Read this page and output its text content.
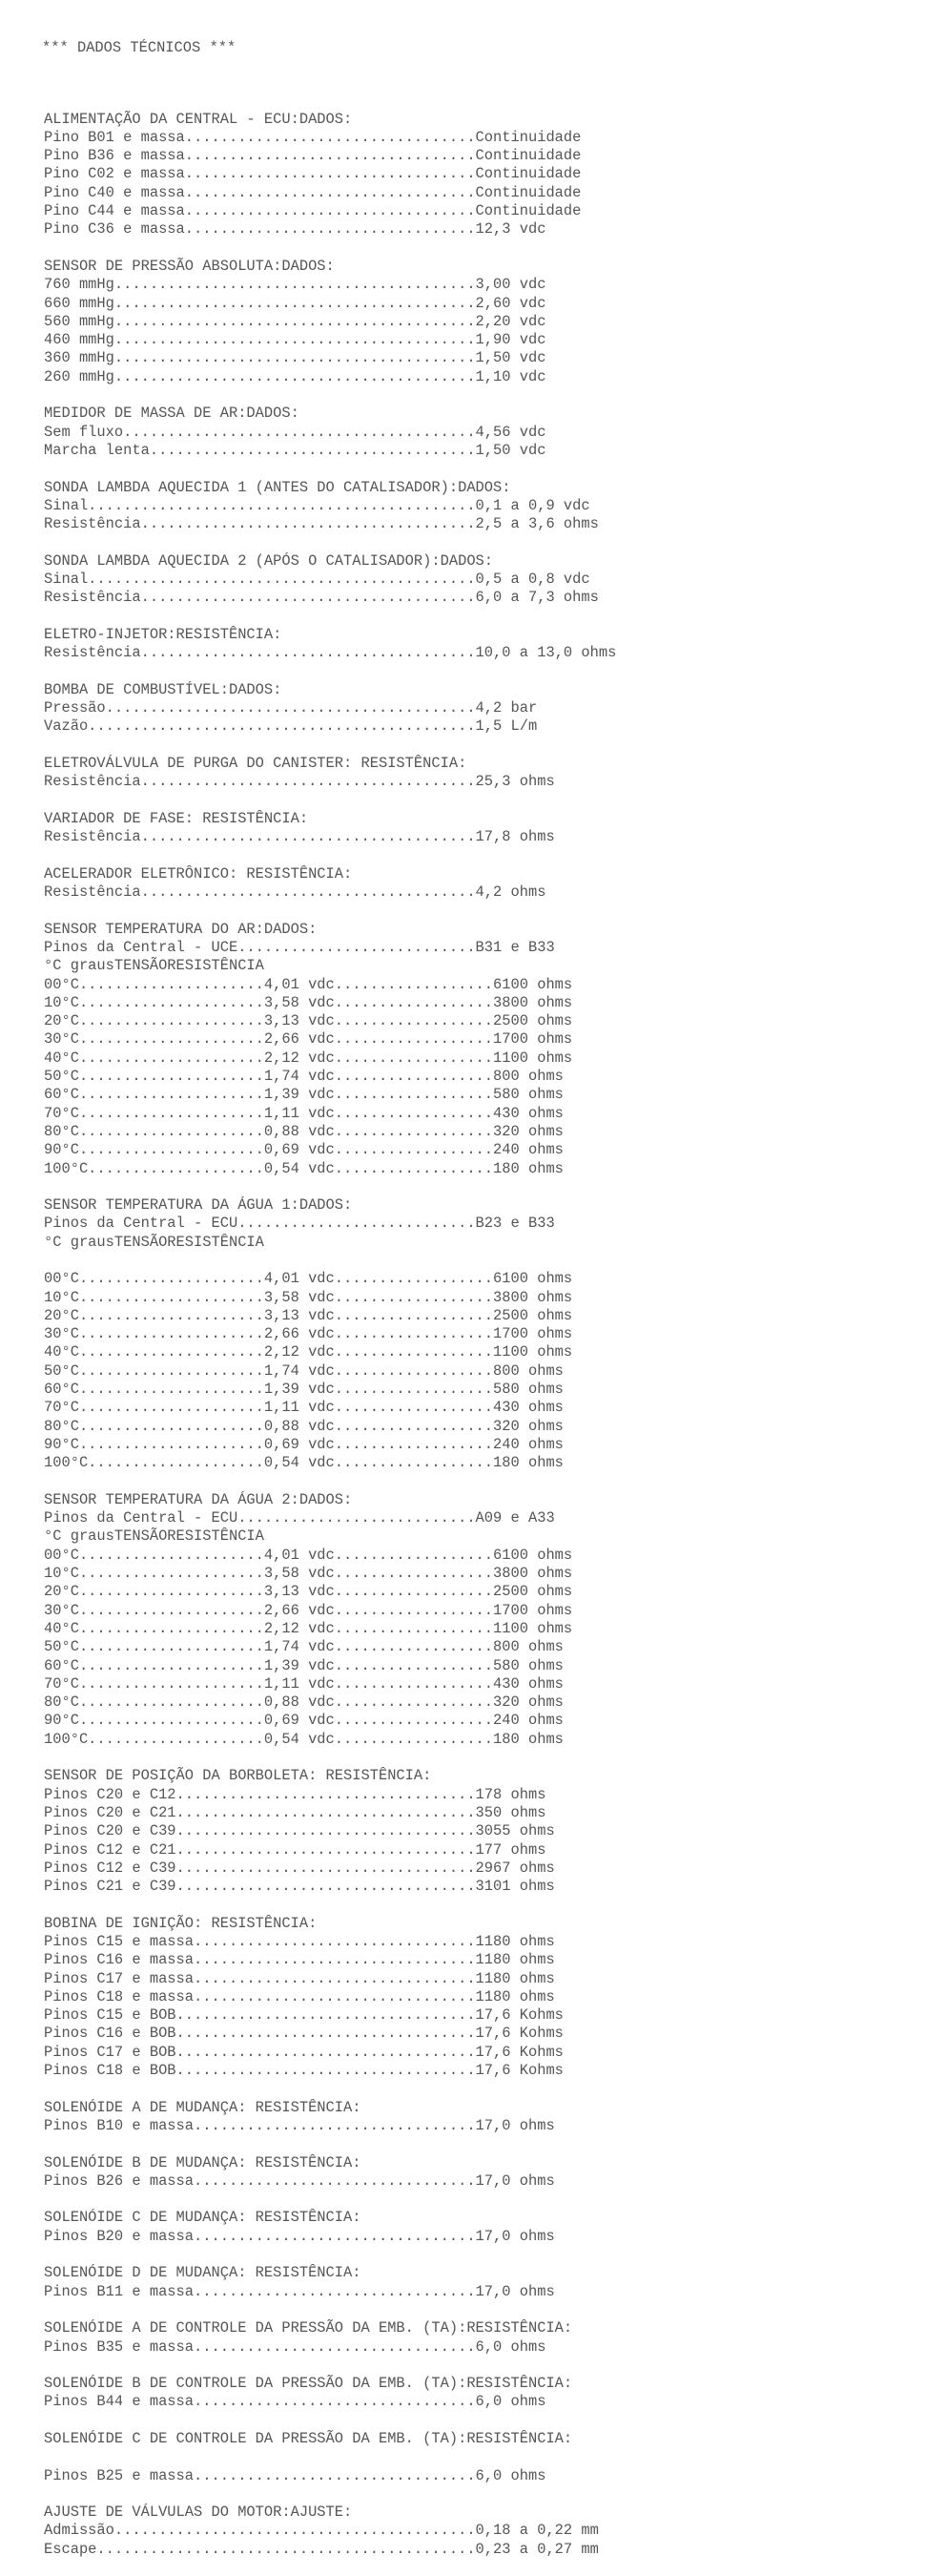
*** DADOS TÉCNICOS ***

ALIMENTAÇÃO DA CENTRAL - ECU:DADOS:
Pino B01 e massa.................................Continuidade
Pino B36 e massa.................................Continuidade
Pino C02 e massa.................................Continuidade
Pino C40 e massa.................................Continuidade
Pino C44 e massa.................................Continuidade
Pino C36 e massa.................................12,3 vdc
SENSOR DE PRESSÃO ABSOLUTA:DADOS:
760 mmHg.........................................3,00 vdc
660 mmHg.........................................2,60 vdc
560 mmHg.........................................2,20 vdc
460 mmHg.........................................1,90 vdc
360 mmHg.........................................1,50 vdc
260 mmHg.........................................1,10 vdc
MEDIDOR DE MASSA DE AR:DADOS:
Sem fluxo........................................4,56 vdc
Marcha lenta.....................................1,50 vdc
SONDA LAMBDA AQUECIDA 1 (ANTES DO CATALISADOR):DADOS:
Sinal............................................0,1 a 0,9 vdc
Resistência......................................2,5 a 3,6 ohms
SONDA LAMBDA AQUECIDA 2 (APÓS O CATALISADOR):DADOS:
Sinal............................................0,5 a 0,8 vdc
Resistência......................................6,0 a 7,3 ohms
ELETRO-INJETOR:RESISTÊNCIA:
Resistência......................................10,0 a 13,0 ohms
BOMBA DE COMBUSTÍVEL:DADOS:
Pressão..........................................4,2 bar
Vazão............................................1,5 L/m
ELETROVÁLVULA DE PURGA DO CANISTER: RESISTÊNCIA:
Resistência......................................25,3 ohms
VARIADOR DE FASE: RESISTÊNCIA:
Resistência......................................17,8 ohms
ACELERADOR ELETRÔNICO: RESISTÊNCIA:
Resistência......................................4,2 ohms
SENSOR TEMPERATURA DO AR:DADOS:
Pinos da Central - UCE...........................B31 e B33
°C grausTENSÃORESISTÊNCIA
00°C.....................4,01 vdc..................6100 ohms
10°C.....................3,58 vdc..................3800 ohms
20°C.....................3,13 vdc..................2500 ohms
30°C.....................2,66 vdc..................1700 ohms
40°C.....................2,12 vdc..................1100 ohms
50°C.....................1,74 vdc..................800 ohms
60°C.....................1,39 vdc..................580 ohms
70°C.....................1,11 vdc..................430 ohms
80°C.....................0,88 vdc..................320 ohms
90°C.....................0,69 vdc..................240 ohms
100°C....................0,54 vdc..................180 ohms
SENSOR TEMPERATURA DA ÁGUA 1:DADOS:
Pinos da Central - ECU...........................B23 e B33
°C grausTENSÃORESISTÊNCIA
00°C.....................4,01 vdc..................6100 ohms
10°C.....................3,58 vdc..................3800 ohms
20°C.....................3,13 vdc..................2500 ohms
30°C.....................2,66 vdc..................1700 ohms
40°C.....................2,12 vdc..................1100 ohms
50°C.....................1,74 vdc..................800 ohms
60°C.....................1,39 vdc..................580 ohms
70°C.....................1,11 vdc..................430 ohms
80°C.....................0,88 vdc..................320 ohms
90°C.....................0,69 vdc..................240 ohms
100°C....................0,54 vdc..................180 ohms
SENSOR TEMPERATURA DA ÁGUA 2:DADOS:
Pinos da Central - ECU...........................A09 e A33
°C grausTENSÃORESISTÊNCIA
00°C.....................4,01 vdc..................6100 ohms
10°C.....................3,58 vdc..................3800 ohms
20°C.....................3,13 vdc..................2500 ohms
30°C.....................2,66 vdc..................1700 ohms
40°C.....................2,12 vdc..................1100 ohms
50°C.....................1,74 vdc..................800 ohms
60°C.....................1,39 vdc..................580 ohms
70°C.....................1,11 vdc..................430 ohms
80°C.....................0,88 vdc..................320 ohms
90°C.....................0,69 vdc..................240 ohms
100°C....................0,54 vdc..................180 ohms
SENSOR DE POSIÇÃO DA BORBOLETA: RESISTÊNCIA:
Pinos C20 e C12..................................178 ohms
Pinos C20 e C21..................................350 ohms
Pinos C20 e C39..................................3055 ohms
Pinos C12 e C21..................................177 ohms
Pinos C12 e C39..................................2967 ohms
Pinos C21 e C39..................................3101 ohms
BOBINA DE IGNIÇÃO: RESISTÊNCIA:
Pinos C15 e massa................................1180 ohms
Pinos C16 e massa................................1180 ohms
Pinos C17 e massa................................1180 ohms
Pinos C18 e massa................................1180 ohms
Pinos C15 e BOB..................................17,6 Kohms
Pinos C16 e BOB..................................17,6 Kohms
Pinos C17 e BOB..................................17,6 Kohms
Pinos C18 e BOB..................................17,6 Kohms
SOLENÓIDE A DE MUDANÇA: RESISTÊNCIA:
Pinos B10 e massa................................17,0 ohms
SOLENÓIDE B DE MUDANÇA: RESISTÊNCIA:
Pinos B26 e massa................................17,0 ohms
SOLENÓIDE C DE MUDANÇA: RESISTÊNCIA:
Pinos B20 e massa................................17,0 ohms
SOLENÓIDE D DE MUDANÇA: RESISTÊNCIA:
Pinos B11 e massa................................17,0 ohms
SOLENÓIDE A DE CONTROLE DA PRESSÃO DA EMB. (TA):RESISTÊNCIA:
Pinos B35 e massa................................6,0 ohms
SOLENÓIDE B DE CONTROLE DA PRESSÃO DA EMB. (TA):RESISTÊNCIA:
Pinos B44 e massa................................6,0 ohms
SOLENÓIDE C DE CONTROLE DA PRESSÃO DA EMB. (TA):RESISTÊNCIA:
Pinos B25 e massa................................6,0 ohms
AJUSTE DE VÁLVULAS DO MOTOR:AJUSTE:
Admissão.........................................0,18 a 0,22 mm
Escape...........................................0,23 a 0,27 mm
